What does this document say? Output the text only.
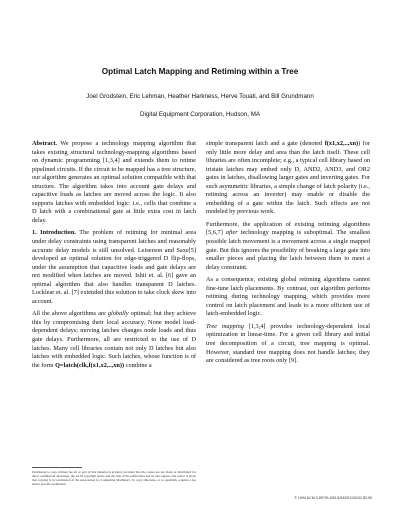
Optimal Latch Mapping and Retiming within a Tree
Joel Grodstein, Eric Lehman, Heather Harkness, Herve Touati, and Bill Grundmann
Digital Equipment Corporation, Hudson, MA

Abstract. We propose a technology mapping algorithm that takes existing structural technology-mapping algorithms based on dynamic programming [1,3,4] and extends them to retime pipelined circuits. If the circuit to be mapped has a tree structure, our algorithm generates an optimal solution compatible with that structure. The algorithm takes into account gate delays and capacitive loads as latches are moved across the logic. It also supports latches with embedded logic: i.e., cells that combine a D latch with a combinational gate at little extra cost in latch delay.

1. Introduction. The problem of retiming for minimal area under delay constraints using transparent latches and reasonably accurate delay models is still unsolved. Leiserson and Saxe[5] developed an optimal solution for edge-triggered D flip-flops, under the assumption that capacitive loads and gate delays are not modified when latches are moved. Ishii et. al. [6] gave an optimal algorithm that also handles transparent D latches. Locklear et. al. [7] extended this solution to take clock skew into account.

All the above algorithms are globally optimal; but they achieve this by compromising their local accuracy. None model load-dependent delays; moving latches changes node loads and thus gate delays. Furthermore, all are restricted to the use of D latches. Many cell libraries contain not only D latches but also latches with embedded logic. Such latches, whose function is of the form Q=latch(clk,f(x1,x2,..,xn)) combine a

simple transparent latch and a gate (denoted f(x1,x2,..,xn)) for only little more delay and area than the latch itself. These cell libraries are often incomplete; e.g., a typical cell library based on tristate latches may embed only D, AND2, AND3, and OR2 gates in latches, disallowing larger gates and inverting gates. For such asymmetric libraries, a simple change of latch polarity (i.e., retiming across an inverter) may enable or disable the embedding of a gate within the latch. Such effects are not modeled by previous work.

Furthermore, the application of existing retiming algorithms [5,6,7] after technology mapping is suboptimal. The smallest possible latch movement is a movement across a single mapped gate. But this ignores the possibility of breaking a large gate into smaller pieces and placing the latch between them to meet a delay constraint.

As a consequence, existing global retiming algorithms cannot fine-tune latch placements. By contrast, our algorithm performs retiming during technology mapping, which provides more control on latch placement and leads to a more efficient use of latch-embedded logic.

Tree mapping [1,3,4] provides technology-dependent local optimization in linear-time. For a given cell library and initial tree decomposition of a circuit, tree mapping is optimal. However, standard tree mapping does not handle latches; they are considered as tree roots only [9].

Permission to copy without fee all or part of this material is granted, provided that the copies are not made or distributed for direct commercial advantage, the ACM copyright notice and the title of the publication and its date appear, and notice is given that copying is by permission of the Association for Computing Machinery. To copy otherwise, or to republish, requires a fee and/or specific permission.
© 1994 ACM 0-89791-690-5/94/0011/0242 $3.50
